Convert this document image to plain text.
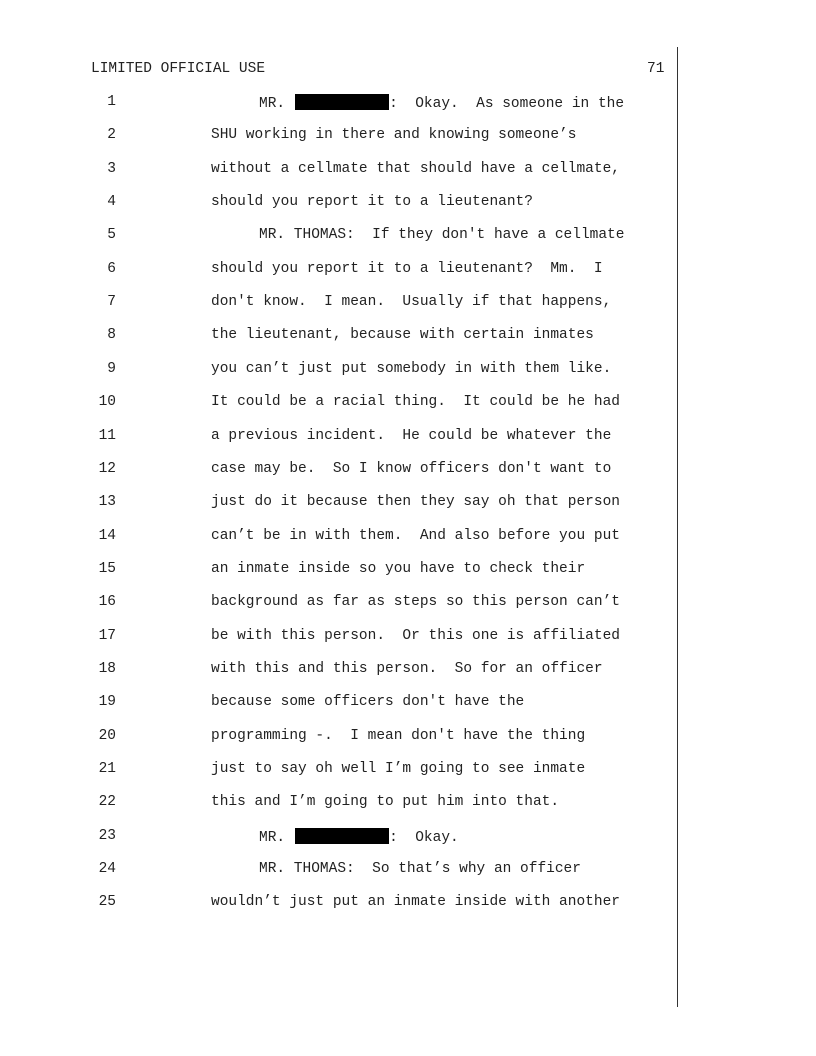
LIMITED OFFICIAL USE	71
1	MR.	:  Okay.  As someone in the
2	SHU working in there and knowing someone’s
3	without a cellmate that should have a cellmate,
4	should you report it to a lieutenant?
5	MR. THOMAS:  If they don't have a cellmate
6	should you report it to a lieutenant?  Mm.  I
7	don't know.  I mean.  Usually if that happens,
8	the lieutenant, because with certain inmates
9	you can’t just put somebody in with them like.
10	It could be a racial thing.  It could be he had
11	a previous incident.  He could be whatever the
12	case may be.  So I know officers don't want to
13	just do it because then they say oh that person
14	can’t be in with them.  And also before you put
15	an inmate inside so you have to check their
16	background as far as steps so this person can’t
17	be with this person.  Or this one is affiliated
18	with this and this person.  So for an officer
19	because some officers don't have the
20	programming -.  I mean don't have the thing
21	just to say oh well I’m going to see inmate
22	this and I’m going to put him into that.
23	MR.	:  Okay.
24	MR. THOMAS:  So that’s why an officer
25	wouldn’t just put an inmate inside with another
